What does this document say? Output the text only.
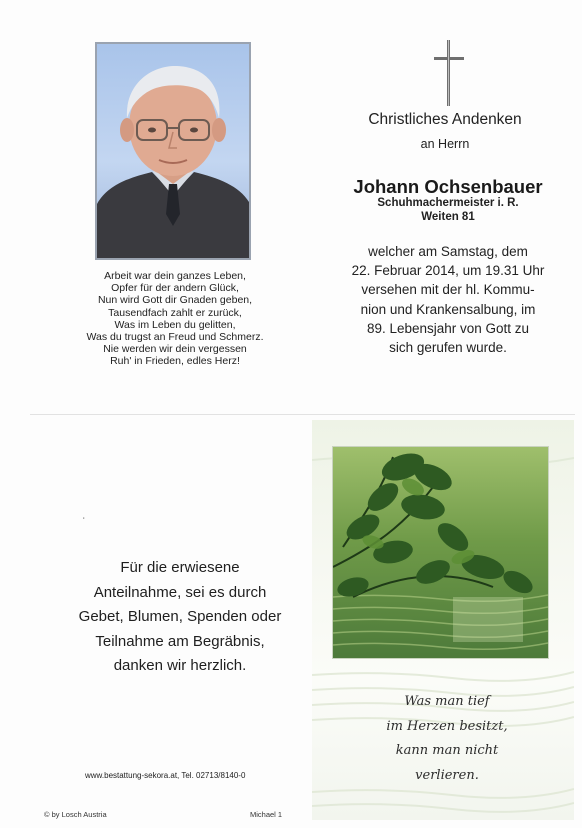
Arbeit war dein ganzes Leben,
Opfer für der andern Glück,
Nun wird Gott dir Gnaden geben,
Tausendfach zahlt er zurück,
Was im Leben du gelitten,
Was du trugst an Freud und Schmerz.
Nie werden wir dein vergessen
Ruh' in Frieden, edles Herz!
Christliches Andenken
an Herrn
Johann Ochsenbauer
Schuhmachermeister i. R.
Weiten 81
welcher am Samstag, dem
22. Februar 2014, um 19.31 Uhr
versehen mit der hl. Kommu-
nion und Krankensalbung, im
89. Lebensjahr von Gott zu
sich gerufen wurde.
ˌ
Für die erwiesene
Anteilnahme, sei es durch
Gebet, Blumen, Spenden oder
Teilnahme am Begräbnis,
danken wir herzlich.
www.bestattung-sekora.at, Tel. 02713/8140-0
© by Losch Austria	Michael 1
Was man tief
im Herzen besitzt,
kann man nicht
verlieren.
